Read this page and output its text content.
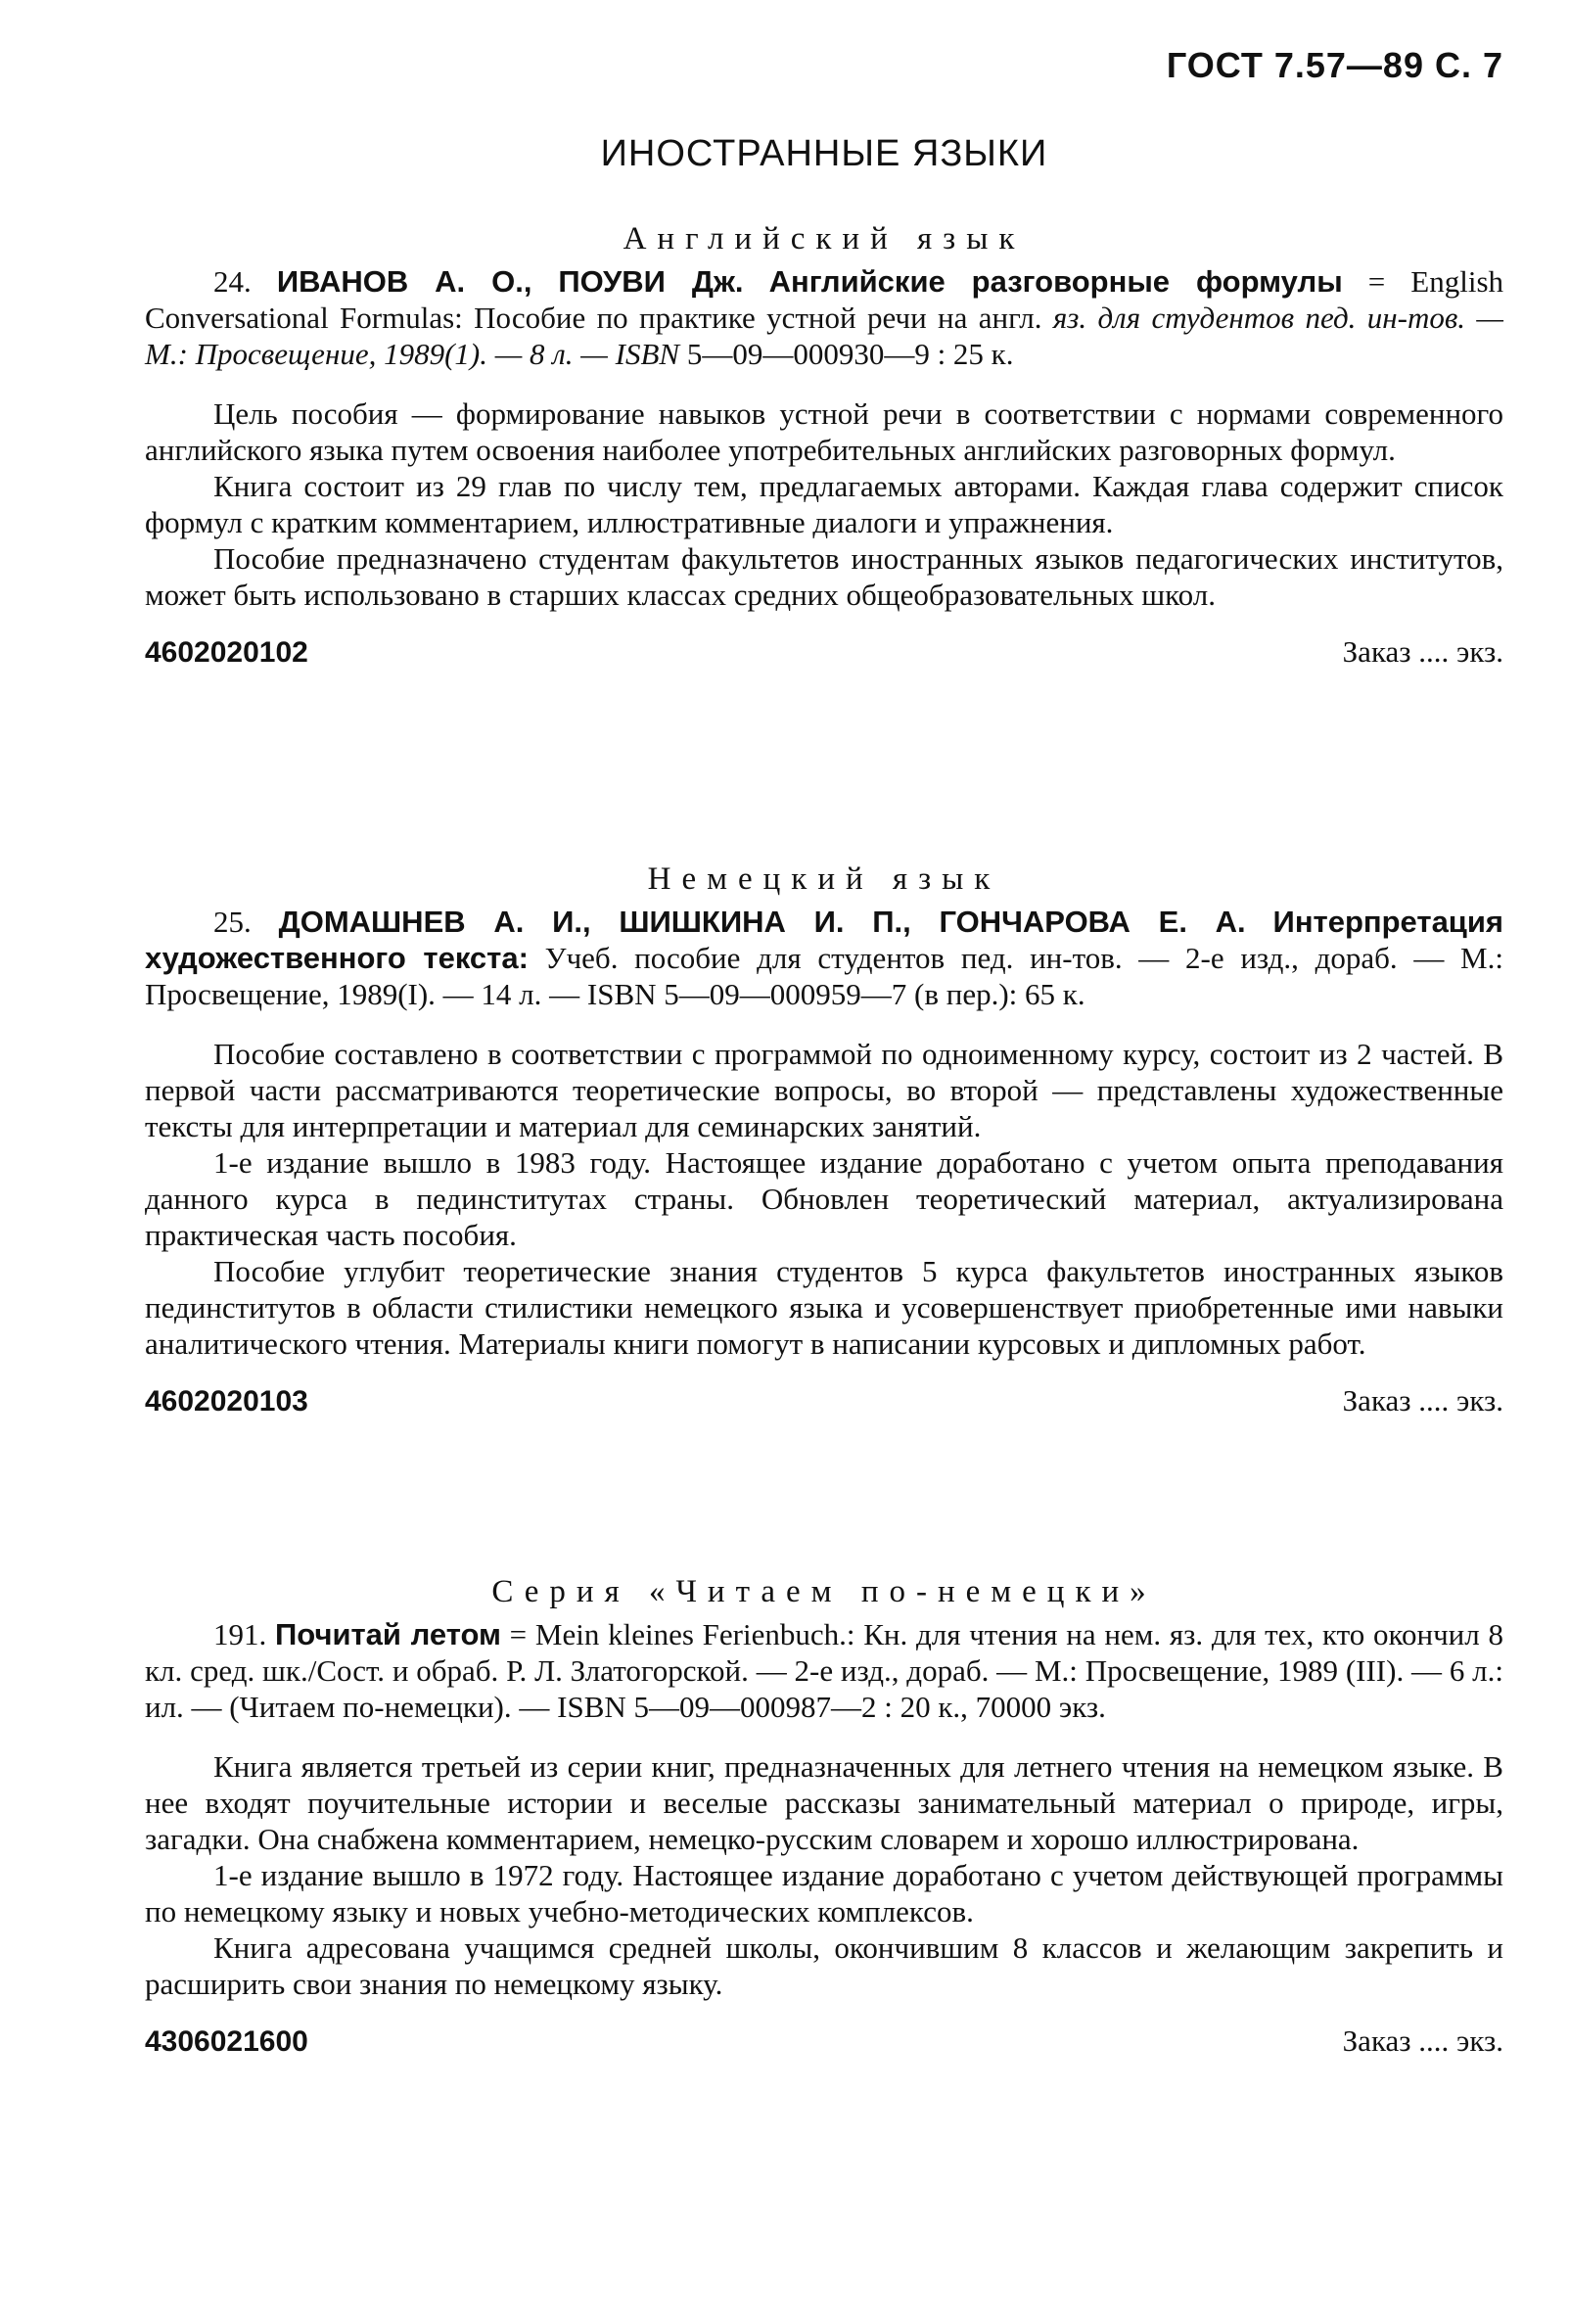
ГОСТ 7.57—89 С. 7
ИНОСТРАННЫЕ ЯЗЫКИ
Английский язык

24. ИВАНОВ А. О., ПОУВИ Дж. Английские разговорные формулы = English Conversational Formulas: Пособие по практике устной речи на англ. яз. для студентов пед. ин-тов. — М.: Просвещение, 1989(1). — 8 л. — ISBN 5—09—000930—9 : 25 к.

Цель пособия — формирование навыков устной речи в соответствии с нормами современного английского языка путем освоения наиболее употребительных английских разговорных формул.

Книга состоит из 29 глав по числу тем, предлагаемых авторами. Каждая глава содержит список формул с кратким комментарием, иллюстративные диалоги и упражнения.

Пособие предназначено студентам факультетов иностранных языков педагогических институтов, может быть использовано в старших классах средних общеобразовательных школ.

4602020102	Заказ .... экз.
Немецкий язык

25. ДОМАШНЕВ А. И., ШИШКИНА И. П., ГОНЧАРОВА Е. А. Интерпретация художественного текста: Учеб. пособие для студентов пед. ин-тов. — 2-е изд., дораб. — М.: Просвещение, 1989(I). — 14 л. — ISBN 5—09—000959—7 (в пер.): 65 к.

Пособие составлено в соответствии с программой по одноименному курсу, состоит из 2 частей. В первой части рассматриваются теоретические вопросы, во второй — представлены художественные тексты для интерпретации и материал для семинарских занятий.

1-е издание вышло в 1983 году. Настоящее издание доработано с учетом опыта преподавания данного курса в пединститутах страны. Обновлен теоретический материал, актуализирована практическая часть пособия.

Пособие углубит теоретические знания студентов 5 курса факультетов иностранных языков пединститутов в области стилистики немецкого языка и усовершенствует приобретенные ими навыки аналитического чтения. Материалы книги помогут в написании курсовых и дипломных работ.

4602020103	Заказ .... экз.
Серия «Читаем по-немецки»

191. Почитай летом = Mein kleines Ferienbuch.: Кн. для чтения на нем. яз. для тех, кто окончил 8 кл. сред. шк./Сост. и обраб. Р. Л. Златогорской. — 2-е изд., дораб. — М.: Просвещение, 1989 (III). — 6 л.: ил. — (Читаем по-немецки). — ISBN 5—09—000987—2 : 20 к., 70000 экз.

Книга является третьей из серии книг, предназначенных для летнего чтения на немецком языке. В нее входят поучительные истории и веселые рассказы занимательный материал о природе, игры, загадки. Она снабжена комментарием, немецко-русским словарем и хорошо иллюстрирована.

1-е издание вышло в 1972 году. Настоящее издание доработано с учетом действующей программы по немецкому языку и новых учебно-методических комплексов.

Книга адресована учащимся средней школы, окончившим 8 классов и желающим закрепить и расширить свои знания по немецкому языку.

4306021600	Заказ .... экз.
